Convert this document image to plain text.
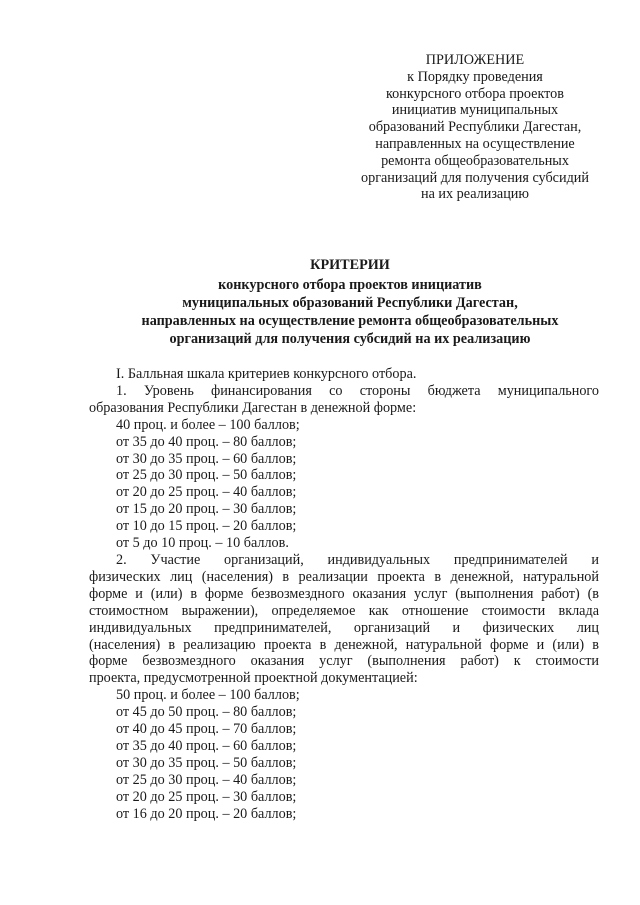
ПРИЛОЖЕНИЕ
к Порядку проведения
конкурсного отбора проектов
инициатив муниципальных
образований Республики Дагестан,
направленных на осуществление
ремонта общеобразовательных
организаций для получения субсидий
на их реализацию
КРИТЕРИИ
конкурсного отбора проектов инициатив
муниципальных образований Республики Дагестан,
направленных на осуществление ремонта общеобразовательных
организаций для получения субсидий на их реализацию
I. Балльная шкала критериев конкурсного отбора.
1. Уровень финансирования со стороны бюджета муниципального
образования Республики Дагестан в денежной форме:
40 проц. и более – 100 баллов;
от 35 до 40 проц. – 80 баллов;
от 30 до 35 проц. – 60 баллов;
от 25 до 30 проц. – 50 баллов;
от 20 до 25 проц. – 40 баллов;
от 15 до 20 проц. – 30 баллов;
от 10 до 15 проц. – 20 баллов;
от 5 до 10 проц. – 10 баллов.
2. Участие организаций, индивидуальных предпринимателей и
физических лиц (населения) в реализации проекта в денежной, натуральной
форме и (или) в форме безвозмездного оказания услуг (выполнения работ) (в
стоимостном выражении), определяемое как отношение стоимости вклада
индивидуальных предпринимателей, организаций и физических лиц
(населения) в реализацию проекта в денежной, натуральной форме и (или) в
форме безвозмездного оказания услуг (выполнения работ) к стоимости
проекта, предусмотренной проектной документацией:
50 проц. и более – 100 баллов;
от 45 до 50 проц. – 80 баллов;
от 40 до 45 проц. – 70 баллов;
от 35 до 40 проц. – 60 баллов;
от 30 до 35 проц. – 50 баллов;
от 25 до 30 проц. – 40 баллов;
от 20 до 25 проц. – 30 баллов;
от 16 до 20 проц. – 20 баллов;
